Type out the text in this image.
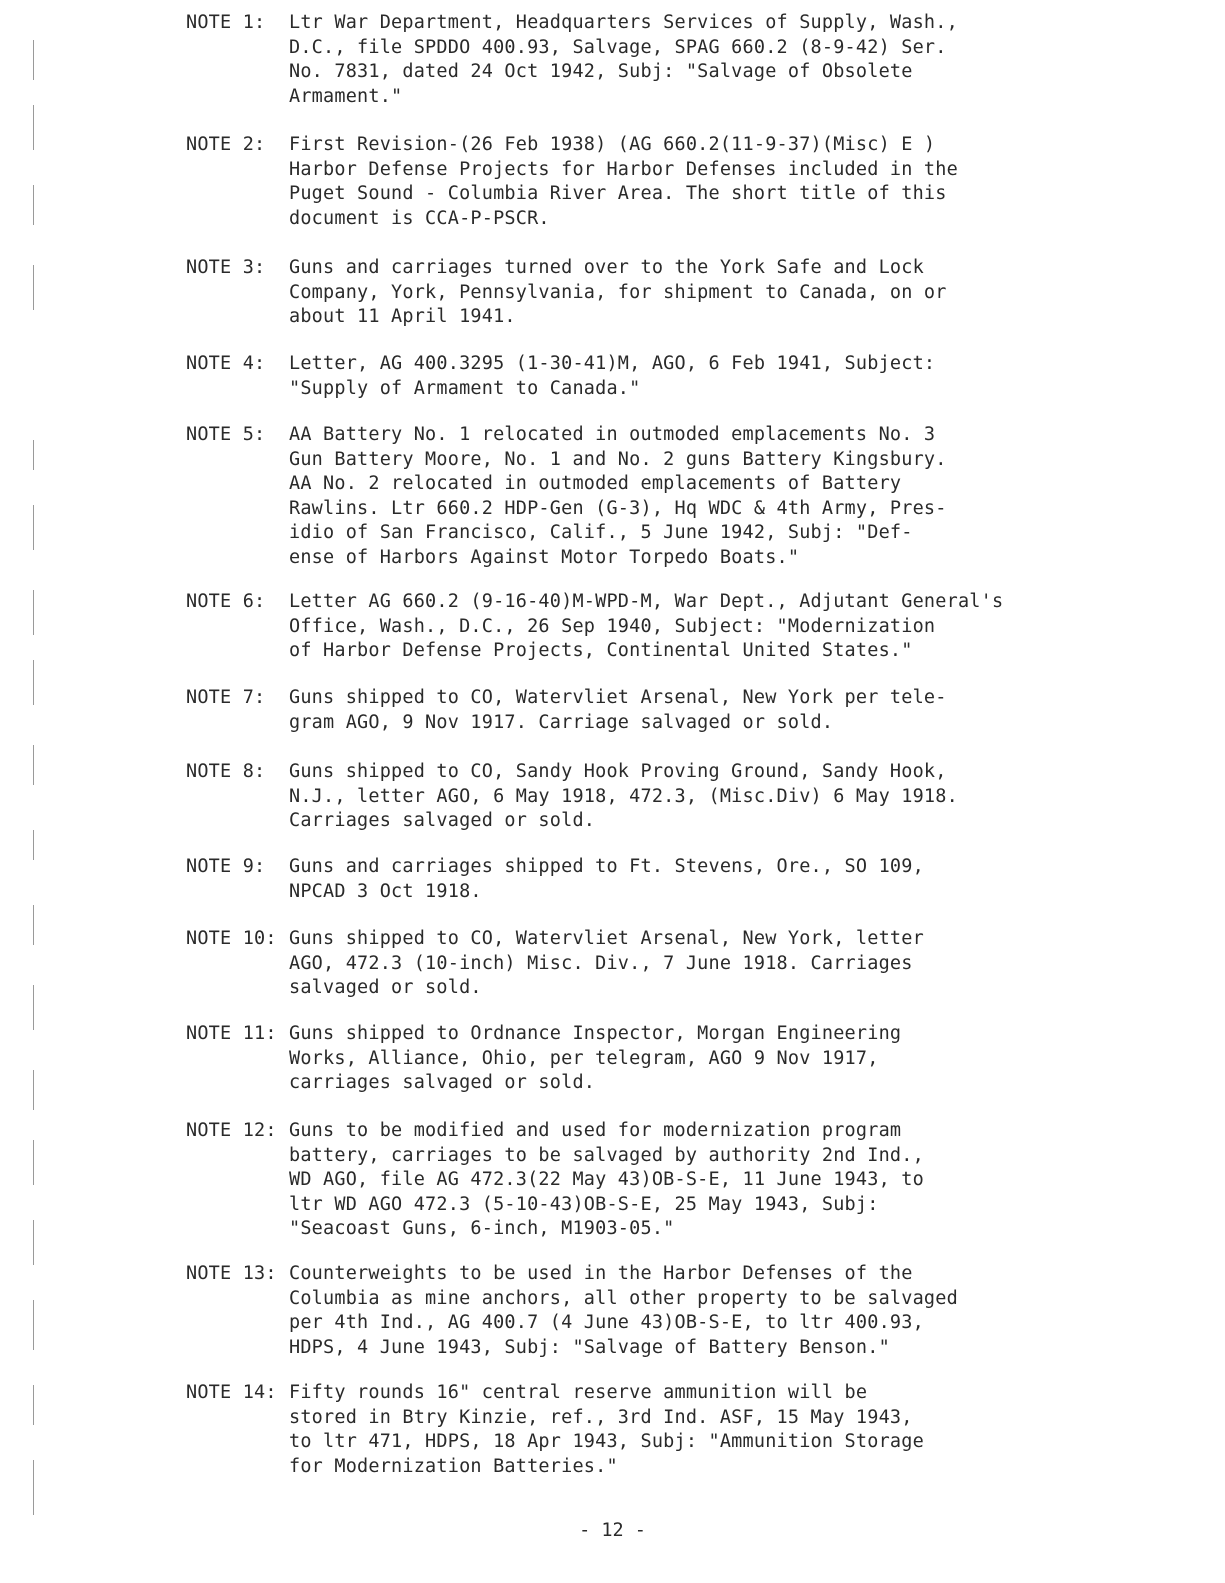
NOTE 1:	Ltr War Department, Headquarters Services of Supply, Wash.,
D.C., file SPDDO 400.93, Salvage, SPAG 660.2 (8-9-42) Ser.
No. 7831, dated 24 Oct 1942, Subj: "Salvage of Obsolete
Armament."
NOTE 2:	First Revision-(26 Feb 1938) (AG 660.2(11-9-37)(Misc) E )
Harbor Defense Projects for Harbor Defenses included in the
Puget Sound - Columbia River Area. The short title of this
document is CCA-P-PSCR.
NOTE 3:	Guns and carriages turned over to the York Safe and Lock
Company, York, Pennsylvania, for shipment to Canada, on or
about 11 April 1941.
NOTE 4:	Letter, AG 400.3295 (1-30-41)M, AGO, 6 Feb 1941, Subject:
"Supply of Armament to Canada."
NOTE 5:	AA Battery No. 1 relocated in outmoded emplacements No. 3
Gun Battery Moore, No. 1 and No. 2 guns Battery Kingsbury.
AA No. 2 relocated in outmoded emplacements of Battery
Rawlins. Ltr 660.2 HDP-Gen (G-3), Hq WDC & 4th Army, Pres-
idio of San Francisco, Calif., 5 June 1942, Subj: "Def-
ense of Harbors Against Motor Torpedo Boats."
NOTE 6:	Letter AG 660.2 (9-16-40)M-WPD-M, War Dept., Adjutant General's
Office, Wash., D.C., 26 Sep 1940, Subject: "Modernization
of Harbor Defense Projects, Continental United States."
NOTE 7:	Guns shipped to CO, Watervliet Arsenal, New York per tele-
gram AGO, 9 Nov 1917. Carriage salvaged or sold.
NOTE 8:	Guns shipped to CO, Sandy Hook Proving Ground, Sandy Hook,
N.J., letter AGO, 6 May 1918, 472.3, (Misc.Div) 6 May 1918.
Carriages salvaged or sold.
NOTE 9:	Guns and carriages shipped to Ft. Stevens, Ore., SO 109,
NPCAD 3 Oct 1918.
NOTE 10: Guns shipped to CO, Watervliet Arsenal, New York, letter
AGO, 472.3 (10-inch) Misc. Div., 7 June 1918. Carriages
salvaged or sold.
NOTE 11: Guns shipped to Ordnance Inspector, Morgan Engineering
Works, Alliance, Ohio, per telegram, AGO 9 Nov 1917,
carriages salvaged or sold.
NOTE 12: Guns to be modified and used for modernization program
battery, carriages to be salvaged by authority 2nd Ind.,
WD AGO, file AG 472.3(22 May 43)OB-S-E, 11 June 1943, to
ltr WD AGO 472.3 (5-10-43)OB-S-E, 25 May 1943, Subj:
"Seacoast Guns, 6-inch, M1903-05."
NOTE 13: Counterweights to be used in the Harbor Defenses of the
Columbia as mine anchors, all other property to be salvaged
per 4th Ind., AG 400.7 (4 June 43)OB-S-E, to ltr 400.93,
HDPS, 4 June 1943, Subj: "Salvage of Battery Benson."
NOTE 14: Fifty rounds 16" central reserve ammunition will be
stored in Btry Kinzie, ref., 3rd Ind. ASF, 15 May 1943,
to ltr 471, HDPS, 18 Apr 1943, Subj: "Ammunition Storage
for Modernization Batteries."
- 12 -
